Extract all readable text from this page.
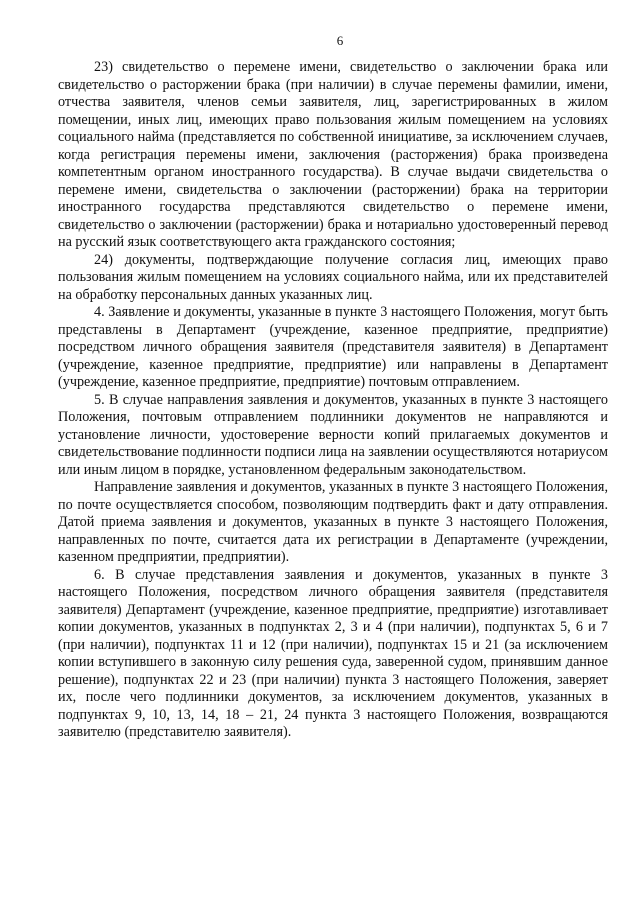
6

23) свидетельство о перемене имени, свидетельство о заключении брака или свидетельство о расторжении брака (при наличии) в случае перемены фамилии, имени, отчества заявителя, членов семьи заявителя, лиц, зарегистрированных в жилом помещении, иных лиц, имеющих право пользования жилым помещением на условиях социального найма (представляется по собственной инициативе, за исключением случаев, когда регистрация перемены имени, заключения (расторжения) брака произведена компетентным органом иностранного государства). В случае выдачи свидетельства о перемене имени, свидетельства о заключении (расторжении) брака на территории иностранного государства представляются свидетельство о перемене имени, свидетельство о заключении (расторжении) брака и нотариально удостоверенный перевод на русский язык соответствующего акта гражданского состояния;

24) документы, подтверждающие получение согласия лиц, имеющих право пользования жилым помещением на условиях социального найма, или их представителей на обработку персональных данных указанных лиц.

4. Заявление и документы, указанные в пункте 3 настоящего Положения, могут быть представлены в Департамент (учреждение, казенное предприятие, предприятие) посредством личного обращения заявителя (представителя заявителя) в Департамент (учреждение, казенное предприятие, предприятие) или направлены в Департамент (учреждение, казенное предприятие, предприятие) почтовым отправлением.

5. В случае направления заявления и документов, указанных в пункте 3 настоящего Положения, почтовым отправлением подлинники документов не направляются и установление личности, удостоверение верности копий прилагаемых документов и свидетельствование подлинности подписи лица на заявлении осуществляются нотариусом или иным лицом в порядке, установленном федеральным законодательством.

Направление заявления и документов, указанных в пункте 3 настоящего Положения, по почте осуществляется способом, позволяющим подтвердить факт и дату отправления. Датой приема заявления и документов, указанных в пункте 3 настоящего Положения, направленных по почте, считается дата их регистрации в Департаменте (учреждении, казенном предприятии, предприятии).

6. В случае представления заявления и документов, указанных в пункте 3 настоящего Положения, посредством личного обращения заявителя (представителя заявителя) Департамент (учреждение, казенное предприятие, предприятие) изготавливает копии документов, указанных в подпунктах 2, 3 и 4 (при наличии), подпунктах 5, 6 и 7 (при наличии), подпунктах 11 и 12 (при наличии), подпунктах 15 и 21 (за исключением копии вступившего в законную силу решения суда, заверенной судом, принявшим данное решение), подпунктах 22 и 23 (при наличии) пункта 3 настоящего Положения, заверяет их, после чего подлинники документов, за исключением документов, указанных в подпунктах 9, 10, 13, 14, 18 – 21, 24 пункта 3 настоящего Положения, возвращаются заявителю (представителю заявителя).
